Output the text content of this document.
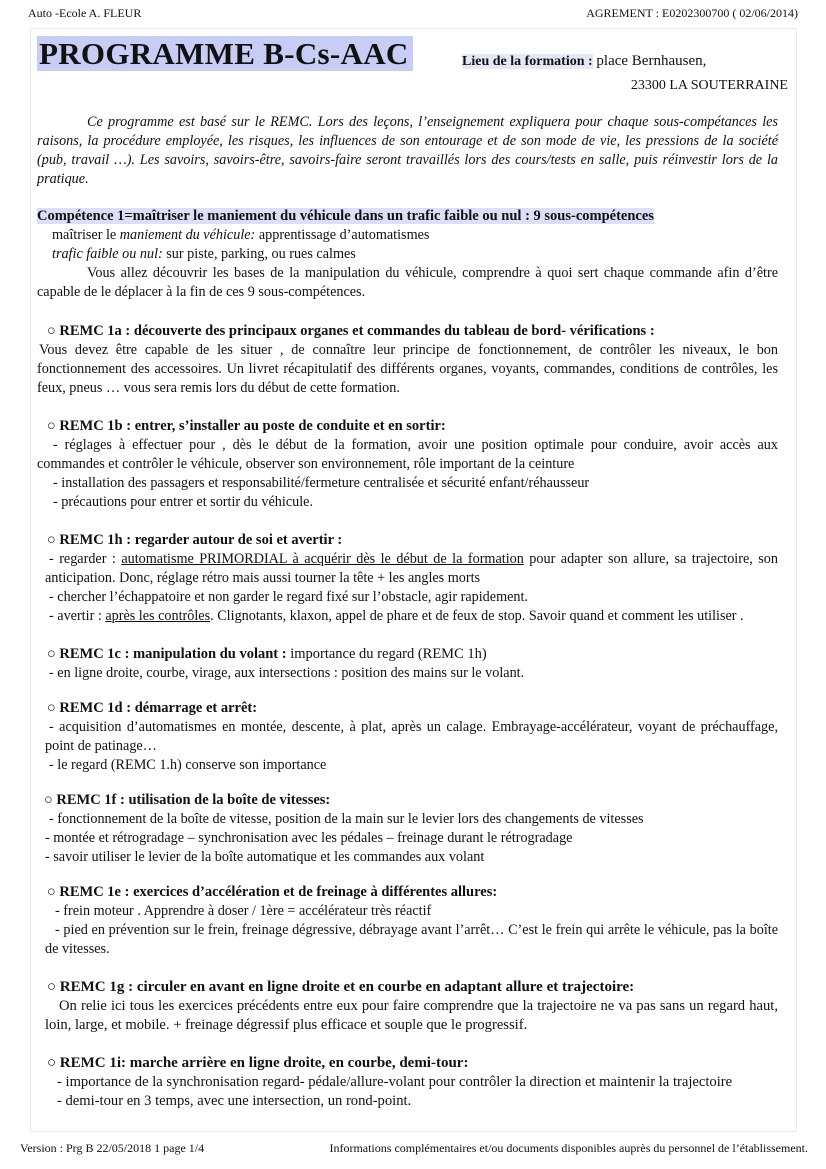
Auto -Ecole A. FLEUR	AGREMENT : E0202300700 ( 02/06/2014)
PROGRAMME B-Cs-AAC	Lieu de la formation : place Bernhausen,
23300 LA SOUTERRAINE

Ce programme est basé sur le REMC. Lors des leçons, l’enseignement expliquera pour chaque sous-compétances les raisons, la procédure employée, les risques, les influences de son entourage et de son mode de vie, les pressions de la société (pub, travail …). Les savoirs, savoirs-être, savoirs-faire seront travaillés lors des cours/tests en salle, puis réinvestir lors de la pratique.

Compétence 1=maîtriser le maniement du véhicule dans un trafic faible ou nul : 9 sous-compétences
maîtriser le maniement du véhicule: apprentissage d’automatismes
trafic faible ou nul: sur piste, parking, ou rues calmes
Vous allez découvrir les bases de la manipulation du véhicule, comprendre à quoi sert chaque commande afin d’être capable de le déplacer à la fin de ces 9 sous-compétences.
○ REMC 1a : découverte des principaux organes et commandes du tableau de bord- vérifications :

Vous devez être capable de les situer , de connaître leur principe de fonctionnement, de contrôler les niveaux, le bon fonctionnement des accessoires. Un livret récapitulatif des différents organes, voyants, commandes, conditions de contrôles, les feux, pneus … vous sera remis lors du début de cette formation.

○ REMC 1b : entrer, s’installer au poste de conduite et en sortir:

- réglages à effectuer pour , dès le début de la formation, avoir une position optimale pour conduire, avoir accès aux commandes et contrôler le véhicule, observer son environnement, rôle important de la ceinture

- installation des passagers et responsabilité/fermeture centralisée et sécurité enfant/réhausseur

- précautions pour entrer et sortir du véhicule.

○ REMC 1h : regarder autour de soi et avertir :

- regarder : automatisme PRIMORDIAL à acquérir dès le début de la formation pour adapter son allure, sa trajectoire, son anticipation. Donc, réglage rétro mais aussi tourner la tête + les angles morts

- chercher l’échappatoire et non garder le regard fixé sur l’obstacle, agir rapidement.

- avertir : après les contrôles. Clignotants, klaxon, appel de phare et de feux de stop. Savoir quand et comment les utiliser .

○ REMC 1c : manipulation du volant : importance du regard (REMC 1h)

- en ligne droite, courbe, virage, aux intersections : position des mains sur le volant.

○ REMC 1d : démarrage et arrêt:

- acquisition d’automatismes en montée, descente, à plat, après un calage. Embrayage-accélérateur, voyant de préchauffage, point de patinage…

- le regard (REMC 1.h) conserve son importance

○ REMC 1f : utilisation de la boîte de vitesses:

- fonctionnement de la boîte de vitesse, position de la main sur le levier lors des changements de vitesses

- montée et rétrogradage – synchronisation avec les pédales – freinage durant le rétrogradage

- savoir utiliser le levier de la boîte automatique et les commandes aux volant

○ REMC 1e : exercices d’accélération et de freinage à différentes allures:

- frein moteur . Apprendre à doser / 1ère = accélérateur très réactif

- pied en prévention sur le frein, freinage dégressive, débrayage avant l’arrêt… C’est le frein qui arrête le véhicule, pas la boîte de vitesses.

○ REMC 1g : circuler en avant en ligne droite et en courbe en adaptant allure et trajectoire:

On relie ici tous les exercices précédents entre eux pour faire comprendre que la trajectoire ne va pas sans un regard haut, loin, large, et mobile. + freinage dégressif plus efficace et souple que le progressif.

○ REMC 1i: marche arrière en ligne droite, en courbe, demi-tour:

- importance de la synchronisation regard- pédale/allure-volant pour contrôler la direction et maintenir la trajectoire

- demi-tour en 3 temps, avec une intersection, un rond-point.

Version : Prg B 22/05/2018 1 page 1/4	Informations complémentaires et/ou documents disponibles auprès du personnel de l’établissement.
